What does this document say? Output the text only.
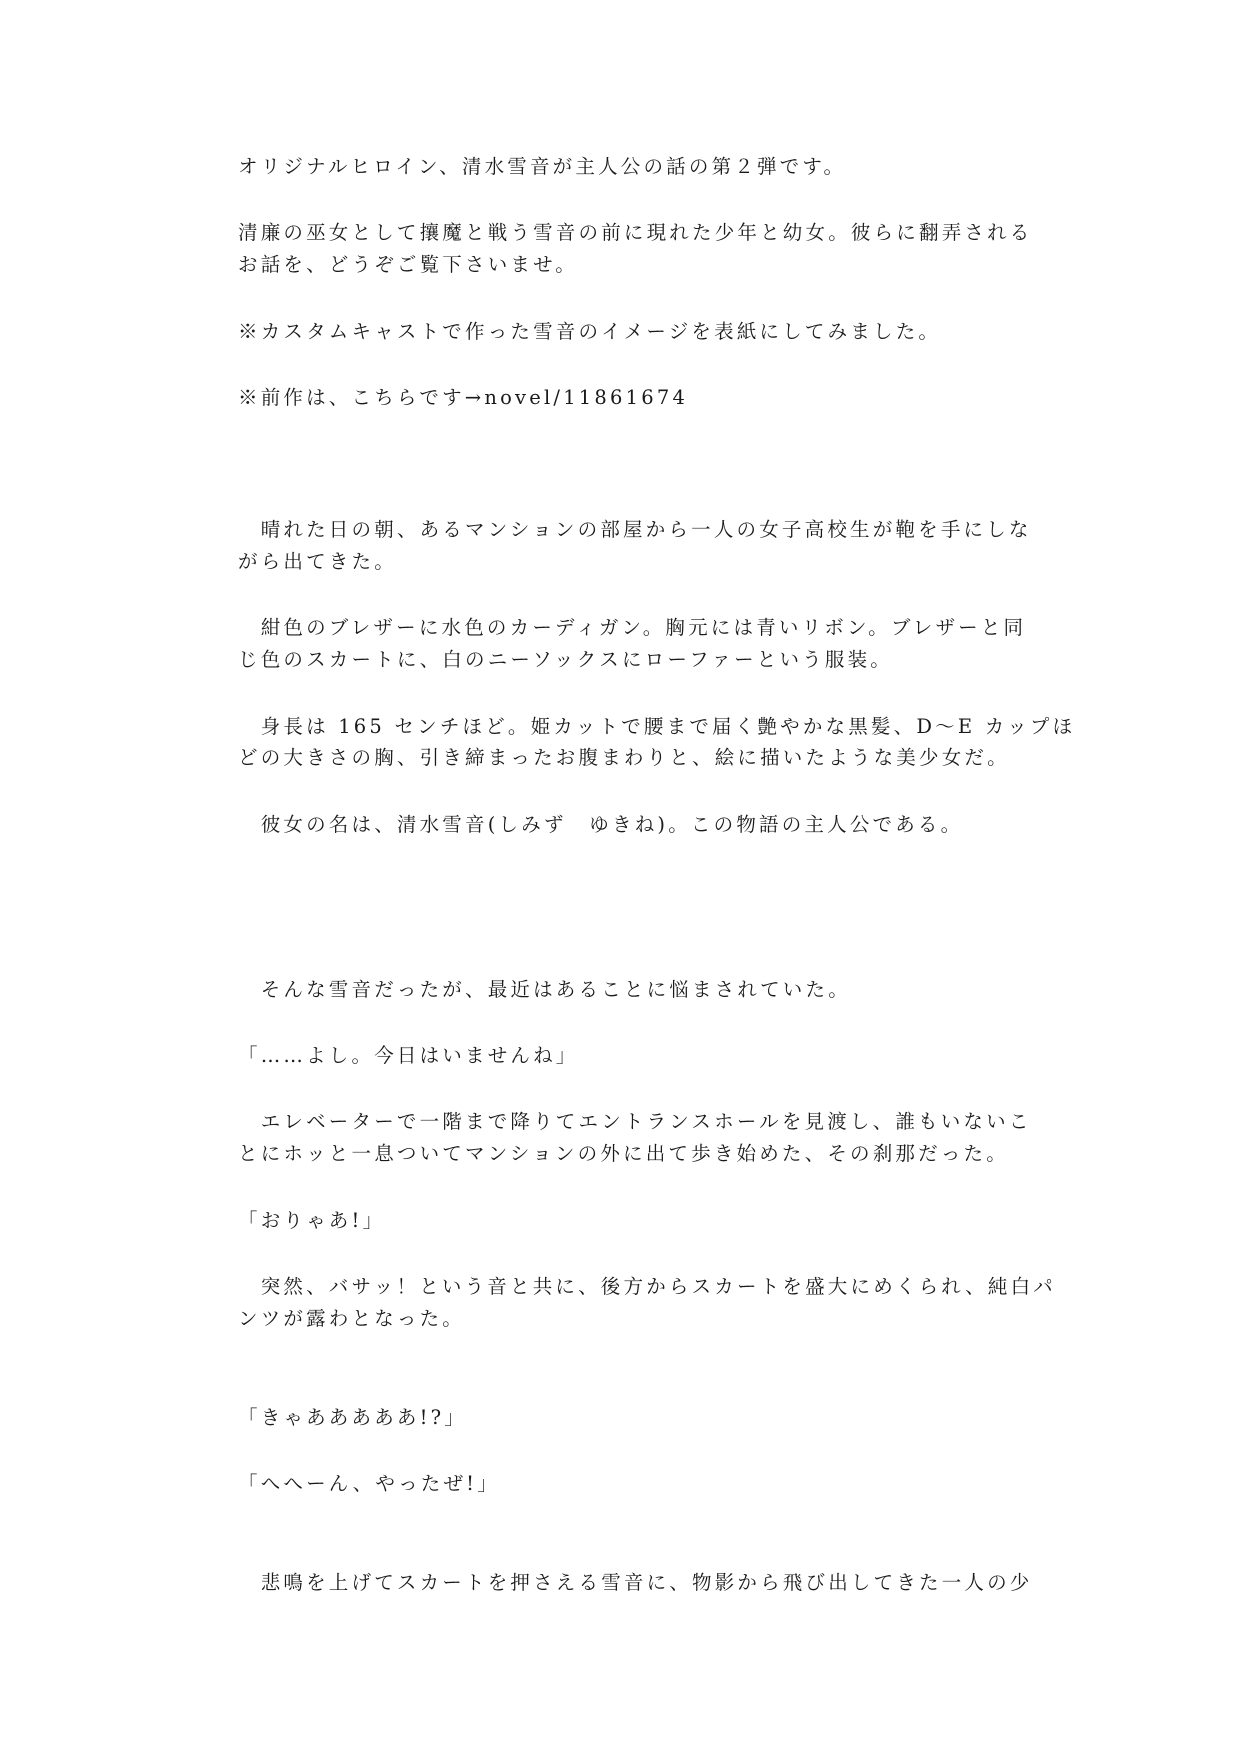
オリジナルヒロイン、清水雪音が主人公の話の第２弾です。

清廉の巫女として攘魔と戦う雪音の前に現れた少年と幼女。彼らに翻弄される

お話を、どうぞご覧下さいませ。

※カスタムキャストで作った雪音のイメージを表紙にしてみました。

※前作は、こちらです→novel/11861674

　晴れた日の朝、あるマンションの部屋から一人の女子高校生が鞄を手にしな

がら出てきた。

　紺色のブレザーに水色のカーディガン。胸元には青いリボン。ブレザーと同

じ色のスカートに、白のニーソックスにローファーという服装。

　身長は 165 センチほど。姫カットで腰まで届く艶やかな黒髪、D〜E カップほ

どの大きさの胸、引き締まったお腹まわりと、絵に描いたような美少女だ。

　彼女の名は、清水雪音(しみず　ゆきね)。この物語の主人公である。

　そんな雪音だったが、最近はあることに悩まされていた。

「……よし。今日はいませんね」

　エレベーターで一階まで降りてエントランスホールを見渡し、誰もいないこ

とにホッと一息ついてマンションの外に出て歩き始めた、その刹那だった。

「おりゃあ!」

　突然、バサッ！という音と共に、後方からスカートを盛大にめくられ、純白パ

ンツが露わとなった。

「きゃあああああ!?」

「へへーん、やったぜ!」

　悲鳴を上げてスカートを押さえる雪音に、物影から飛び出してきた一人の少
